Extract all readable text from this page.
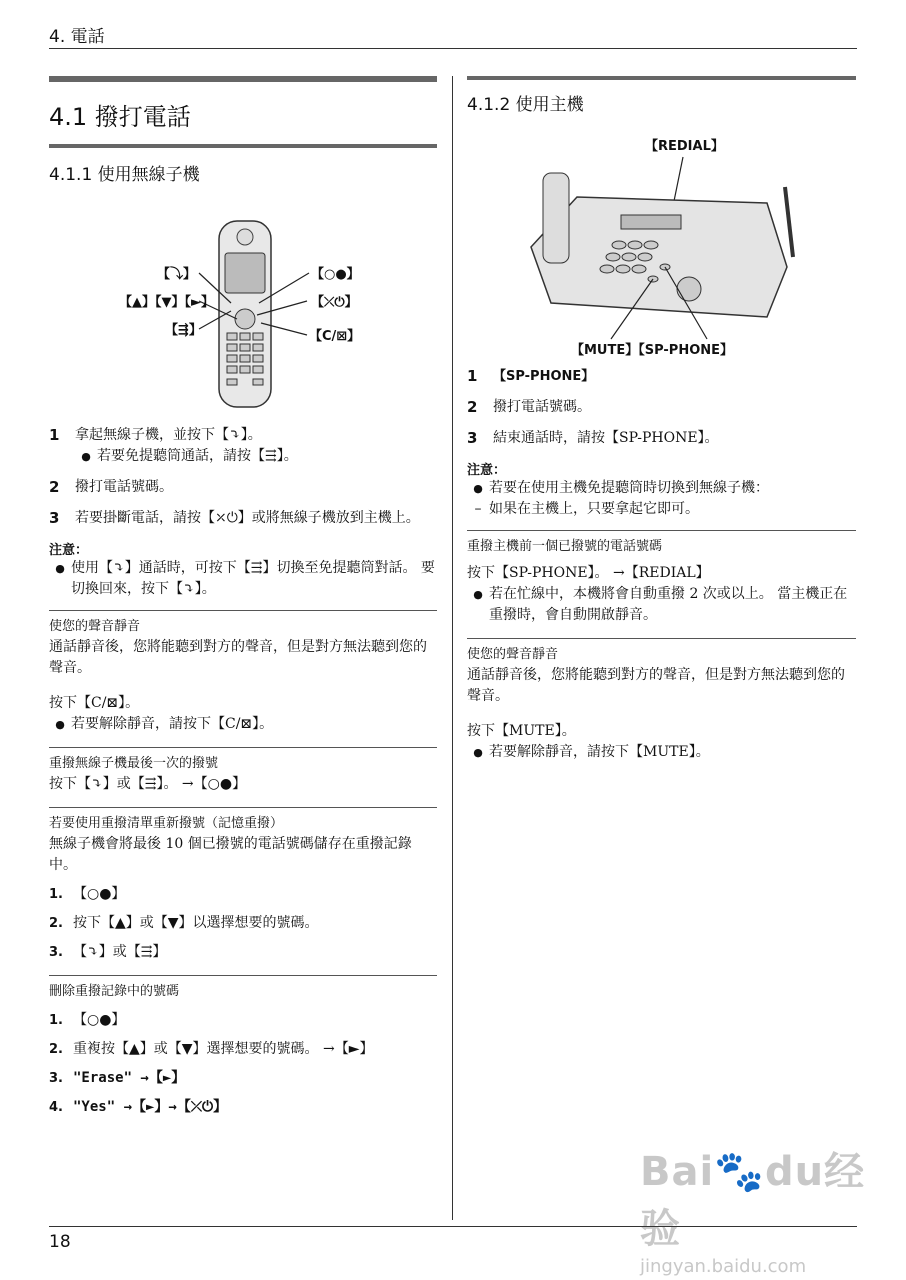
4. 電話
4.1 撥打電話
4.1.1 使用無線子機
【⤵】	【○●】
【▲】【▼】【►】	【⤫⏻】
【⇶】	【C/⊠】
1	拿起無線子機，並按下【⤵】。
● 若要免提聽筒通話，請按【⇶】。
2	撥打電話號碼。
3	若要掛斷電話，請按【⤫⏻】或將無線子機放到主機上。
注意：
● 使用【⤵】通話時，可按下【⇶】切換至免提聽筒對話。 要切換回來，按下【⤵】。
使您的聲音靜音

通話靜音後，您將能聽到對方的聲音，但是對方無法聽到您的聲音。

按下【C/⊠】。

● 若要解除靜音，請按下【C/⊠】。
重撥無線子機最後一次的撥號

按下【⤵】或【⇶】。 →【○●】

若要使用重撥清單重新撥號（記憶重撥）

無線子機會將最後 10 個已撥號的電話號碼儲存在重撥記錄中。

1. 【○●】
2. 按下【▲】或【▼】以選擇想要的號碼。
3. 【⤵】或【⇶】
刪除重撥記錄中的號碼
1. 【○●】
2. 重複按【▲】或【▼】選擇想要的號碼。 →【►】
3. "Erase" →【►】
4. "Yes" →【►】→【⤫⏻】
4.1.2 使用主機
【REDIAL】
【MUTE】【SP-PHONE】
1	【SP-PHONE】
2	撥打電話號碼。
3	結束通話時，請按【SP-PHONE】。
注意：
● 若要在使用主機免提聽筒時切換到無線子機：
– 如果在主機上，只要拿起它即可。
重撥主機前一個已撥號的電話號碼

按下【SP-PHONE】。 →【REDIAL】

● 若在忙線中，本機將會自動重撥 2 次或以上。 當主機正在重撥時，會自動開啟靜音。
使您的聲音靜音

通話靜音後，您將能聽到對方的聲音，但是對方無法聽到您的聲音。

按下【MUTE】。

● 若要解除靜音，請按下【MUTE】。
Bai🐾du经验
jingyan.baidu.com
18
